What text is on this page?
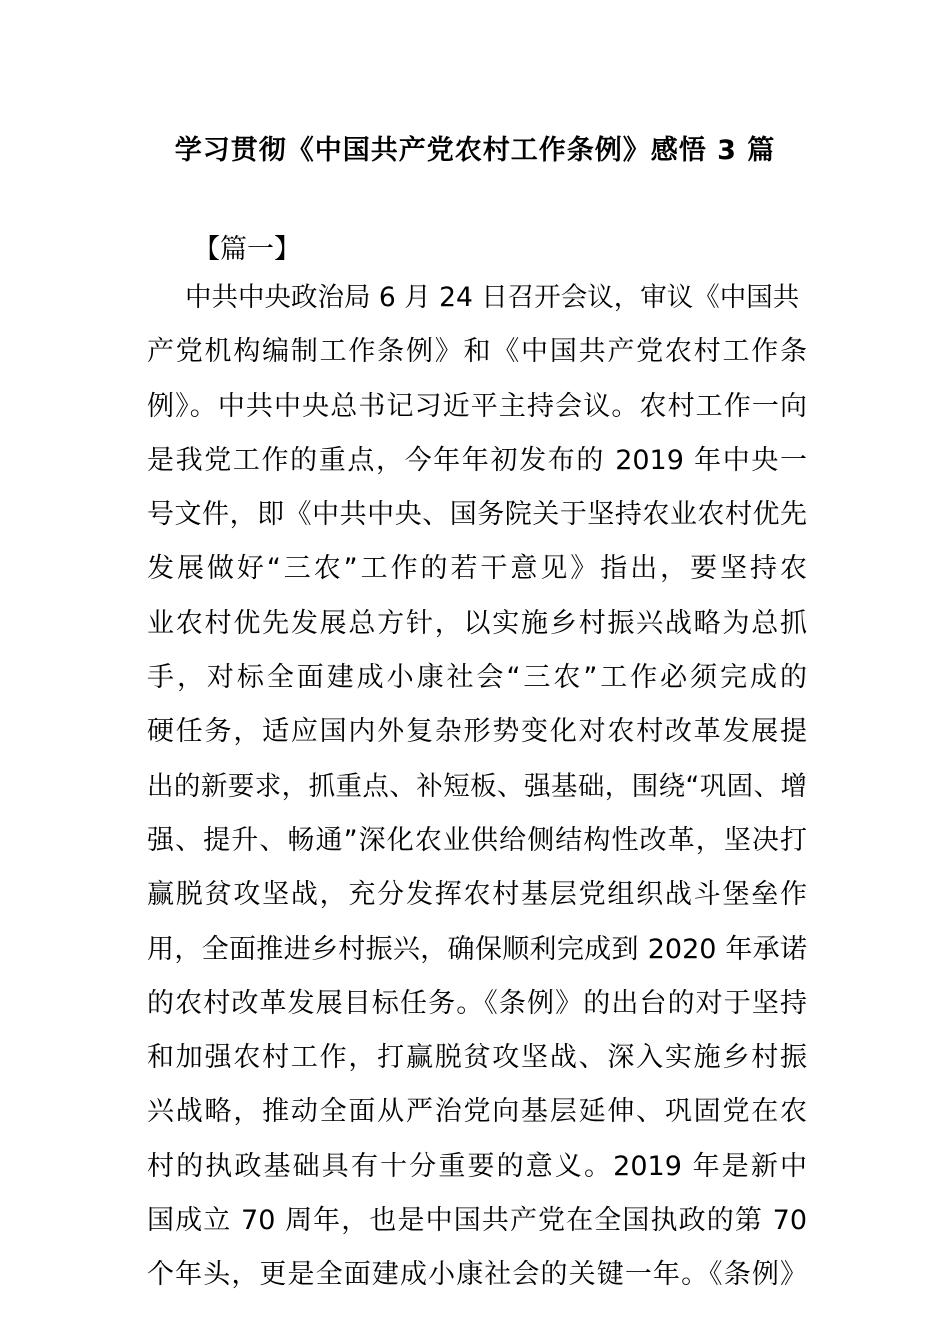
学习贯彻《中国共产党农村工作条例》感悟 3 篇
【篇一】
中共中央政治局 6 月 24 日召开会议，审议《中国共
产党机构编制工作条例》和《中国共产党农村工作条
例》。中共中央总书记习近平主持会议。农村工作一向
是我党工作的重点，今年年初发布的 2019 年中央一
号文件，即《中共中央、国务院关于坚持农业农村优先
发展做好“三农”工作的若干意见》指出，要坚持农
业农村优先发展总方针，以实施乡村振兴战略为总抓
手，对标全面建成小康社会“三农”工作必须完成的
硬任务，适应国内外复杂形势变化对农村改革发展提
出的新要求，抓重点、补短板、强基础，围绕“巩固、增
强、提升、畅通”深化农业供给侧结构性改革，坚决打
赢脱贫攻坚战，充分发挥农村基层党组织战斗堡垒作
用，全面推进乡村振兴，确保顺利完成到 2020 年承诺
的农村改革发展目标任务。《条例》的出台的对于坚持
和加强农村工作，打赢脱贫攻坚战、深入实施乡村振
兴战略，推动全面从严治党向基层延伸、巩固党在农
村的执政基础具有十分重要的意义。2019 年是新中
国成立 70 周年，也是中国共产党在全国执政的第 70
个年头，更是全面建成小康社会的关键一年。《条例》
